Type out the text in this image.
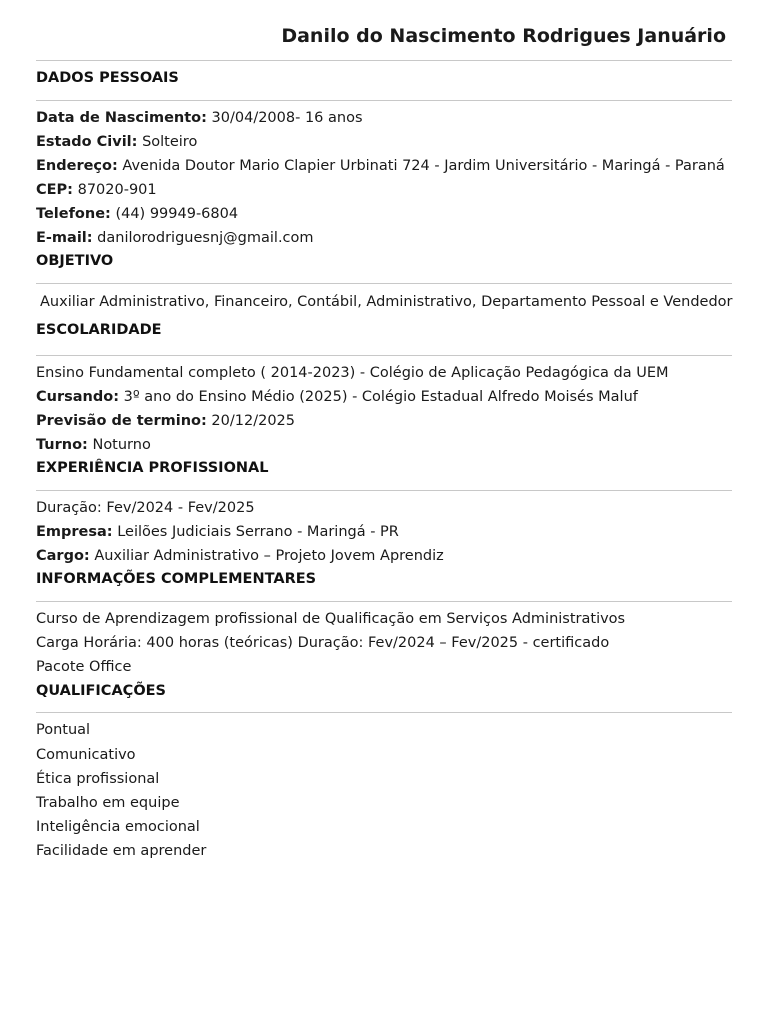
Danilo do Nascimento Rodrigues Januário
DADOS PESSOAIS

Data de Nascimento: 30/04/2008- 16 anos

Estado Civil: Solteiro

Endereço: Avenida Doutor Mario Clapier Urbinati 724 - Jardim Universitário - Maringá - Paraná

CEP: 87020-901

Telefone: (44) 99949-6804

E-mail: danilorodriguesnj@gmail.com

OBJETIVO

Auxiliar Administrativo, Financeiro, Contábil, Administrativo, Departamento Pessoal e Vendedor

ESCOLARIDADE

Ensino Fundamental completo ( 2014-2023) - Colégio de Aplicação Pedagógica da UEM

Cursando: 3º ano do Ensino Médio (2025) - Colégio Estadual Alfredo Moisés Maluf

Previsão de termino: 20/12/2025

Turno: Noturno

EXPERIÊNCIA PROFISSIONAL

Duração: Fev/2024 - Fev/2025

Empresa: Leilões Judiciais Serrano - Maringá - PR

Cargo: Auxiliar Administrativo – Projeto Jovem Aprendiz

INFORMAÇÕES COMPLEMENTARES

Curso de Aprendizagem profissional de Qualificação em Serviços Administrativos

Carga Horária: 400 horas (teóricas) Duração: Fev/2024 – Fev/2025 - certificado

Pacote Office

QUALIFICAÇÕES

Pontual

Comunicativo

Ética profissional

Trabalho em equipe

Inteligência emocional

Facilidade em aprender
